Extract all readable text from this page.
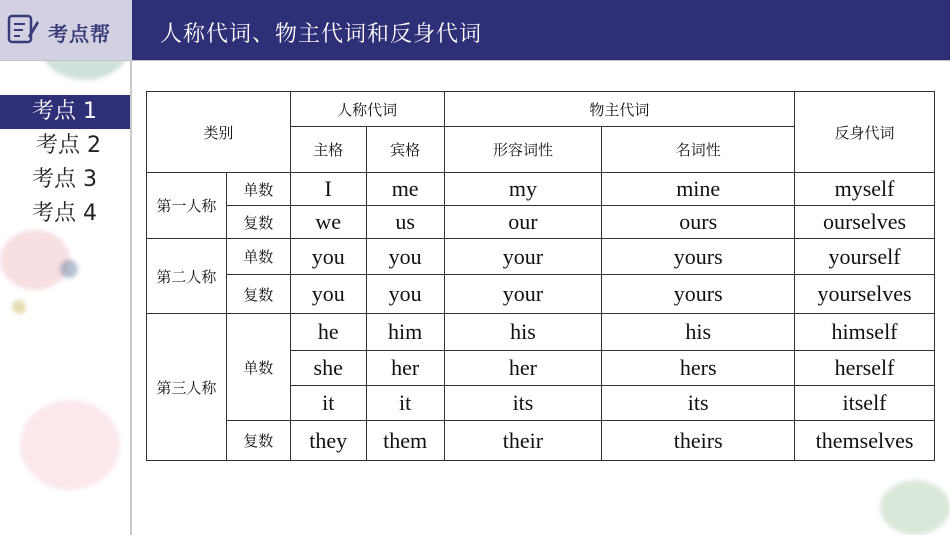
考点帮 人称代词、物主代词和反身代词
考点 1
考点 2
考点 3
考点 4
类别		人称代词		物主代词		反身代词
		主格	宾格	形容词性	名词性	
第一人称	单数	I	me	my	mine	myself
	复数	we	us	our	ours	ourselves
第二人称	单数	you	you	your	yours	yourself
	复数	you	you	your	yours	yourselves
第三人称	单数	he	him	his	his	himself
		she	her	her	hers	herself
		it	it	its	its	itself
	复数	they	them	their	theirs	themselves
